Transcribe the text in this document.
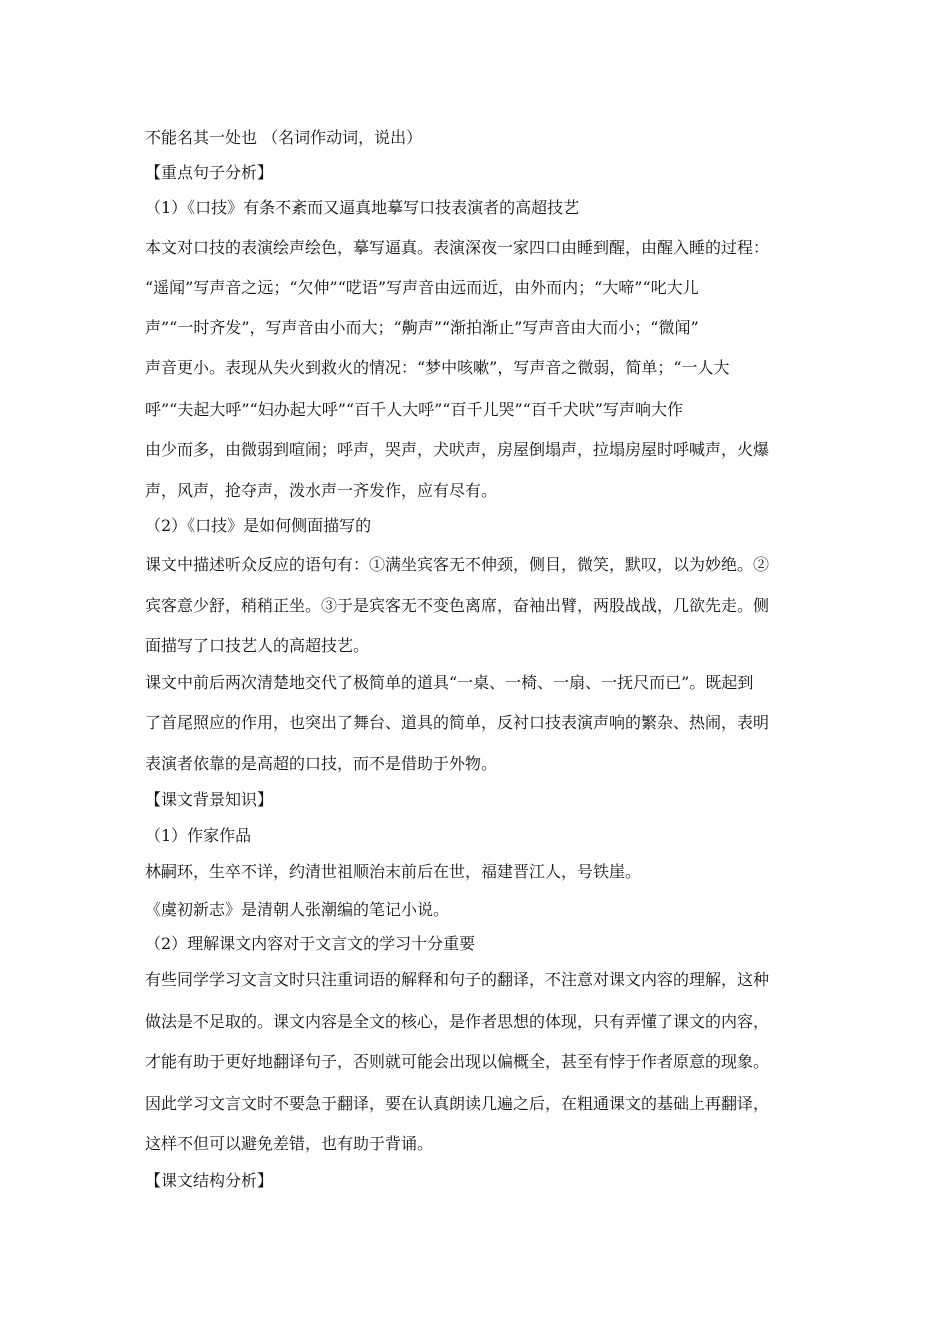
不能名其一处也 （名词作动词，说出）
【重点句子分析】
（1）《口技》有条不紊而又逼真地摹写口技表演者的高超技艺
本文对口技的表演绘声绘色，摹写逼真。表演深夜一家四口由睡到醒，由醒入睡的过程：
“遥闻”写声音之远；“欠伸”“呓语”写声音由远而近，由外而内；“大啼”“叱大儿
声”“一时齐发”，写声音由小而大；“齁声”“渐拍渐止”写声音由大而小；“微闻”
声音更小。表现从失火到救火的情况：“梦中咳嗽”，写声音之微弱，简单；“一人大
呼”“夫起大呼”“妇办起大呼”“百千人大呼”“百千儿哭”“百千犬吠”写声响大作
由少而多，由微弱到喧闹；呼声，哭声，犬吠声，房屋倒塌声，拉塌房屋时呼喊声，火爆
声，风声，抢夺声，泼水声一齐发作，应有尽有。
（2）《口技》是如何侧面描写的
课文中描述听众反应的语句有：①满坐宾客无不伸颈，侧目，微笑，默叹，以为妙绝。②
宾客意少舒，稍稍正坐。③于是宾客无不变色离席，奋袖出臂，两股战战，几欲先走。侧
面描写了口技艺人的高超技艺。
课文中前后两次清楚地交代了极简单的道具“一桌、一椅、一扇、一抚尺而已”。既起到
了首尾照应的作用，也突出了舞台、道具的简单，反衬口技表演声响的繁杂、热闹，表明
表演者依靠的是高超的口技，而不是借助于外物。
【课文背景知识】
（1）作家作品
林嗣环，生卒不详，约清世祖顺治末前后在世，福建晋江人，号铁崖。
《虞初新志》是清朝人张潮编的笔记小说。
（2）理解课文内容对于文言文的学习十分重要
有些同学学习文言文时只注重词语的解释和句子的翻译，不注意对课文内容的理解，这种
做法是不足取的。课文内容是全文的核心，是作者思想的体现，只有弄懂了课文的内容，
才能有助于更好地翻译句子，否则就可能会出现以偏概全，甚至有悖于作者原意的现象。
因此学习文言文时不要急于翻译，要在认真朗读几遍之后，在粗通课文的基础上再翻译，
这样不但可以避免差错，也有助于背诵。
【课文结构分析】
